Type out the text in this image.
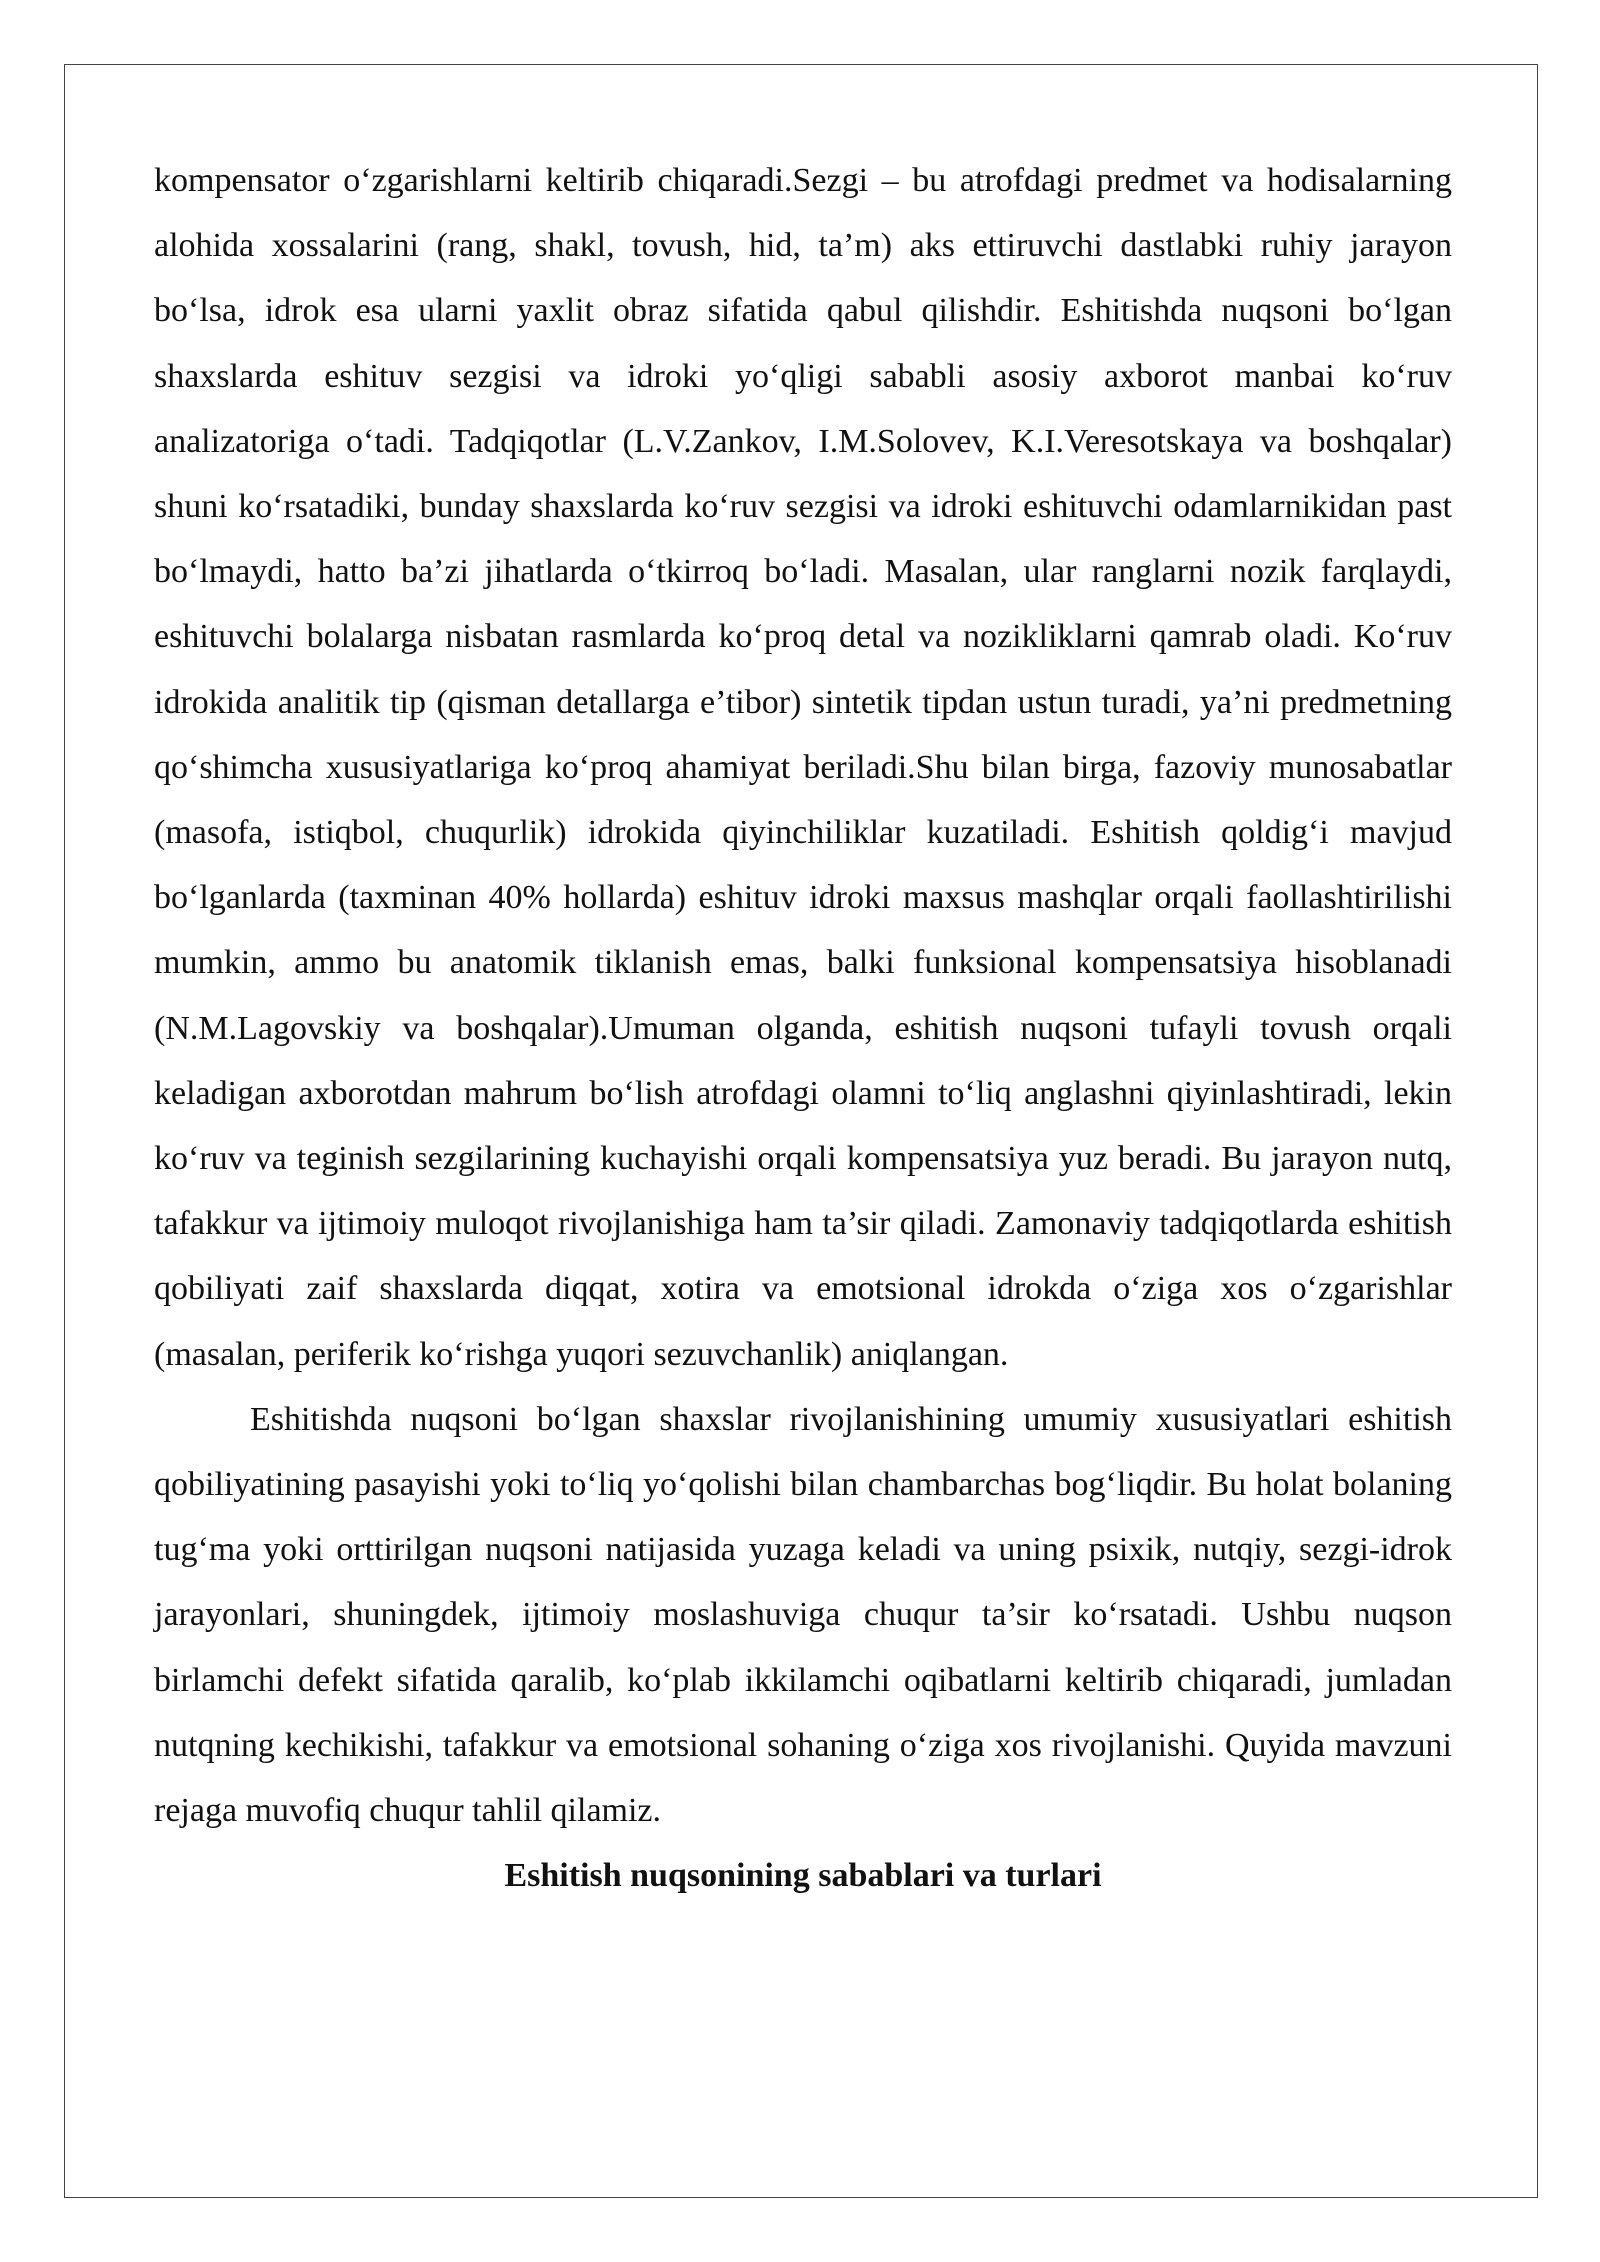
kompensator o‘zgarishlarni keltirib chiqaradi.Sezgi – bu atrofdagi predmet va hodisalarning alohida xossalarini (rang, shakl, tovush, hid, ta’m) aks ettiruvchi dastlabki ruhiy jarayon bo‘lsa, idrok esa ularni yaxlit obraz sifatida qabul qilishdir. Eshitishda nuqsoni bo‘lgan shaxslarda eshituv sezgisi va idroki yo‘qligi sababli asosiy axborot manbai ko‘ruv analizatoriga o‘tadi. Tadqiqotlar (L.V.Zankov, I.M.Solovev, K.I.Veresotskaya va boshqalar) shuni ko‘rsatadiki, bunday shaxslarda ko‘ruv sezgisi va idroki eshituvchi odamlarnikidan past bo‘lmaydi, hatto ba’zi jihatlarda o‘tkirroq bo‘ladi. Masalan, ular ranglarni nozik farqlaydi, eshituvchi bolalarga nisbatan rasmlarda ko‘proq detal va nozikliklarni qamrab oladi. Ko‘ruv idrokida analitik tip (qisman detallarga e’tibor) sintetik tipdan ustun turadi, ya’ni predmetning qo‘shimcha xususiyatlariga ko‘proq ahamiyat beriladi.Shu bilan birga, fazoviy munosabatlar (masofa, istiqbol, chuqurlik) idrokida qiyinchiliklar kuzatiladi. Eshitish qoldig‘i mavjud bo‘lganlarda (taxminan 40% hollarda) eshituv idroki maxsus mashqlar orqali faollashtirilishi mumkin, ammo bu anatomik tiklanish emas, balki funksional kompensatsiya hisoblanadi (N.M.Lagovskiy va boshqalar).Umuman olganda, eshitish nuqsoni tufayli tovush orqali keladigan axborotdan mahrum bo‘lish atrofdagi olamni to‘liq anglashni qiyinlashtiradi, lekin ko‘ruv va teginish sezgilarining kuchayishi orqali kompensatsiya yuz beradi. Bu jarayon nutq, tafakkur va ijtimoiy muloqot rivojlanishiga ham ta’sir qiladi. Zamonaviy tadqiqotlarda eshitish qobiliyati zaif shaxslarda diqqat, xotira va emotsional idrokda o‘ziga xos o‘zgarishlar (masalan, periferik ko‘rishga yuqori sezuvchanlik) aniqlangan.

Eshitishda nuqsoni bo‘lgan shaxslar rivojlanishining umumiy xususiyatlari eshitish qobiliyatining pasayishi yoki to‘liq yo‘qolishi bilan chambarchas bog‘liqdir. Bu holat bolaning tug‘ma yoki orttirilgan nuqsoni natijasida yuzaga keladi va uning psixik, nutqiy, sezgi-idrok jarayonlari, shuningdek, ijtimoiy moslashuviga chuqur ta’sir ko‘rsatadi. Ushbu nuqson birlamchi defekt sifatida qaralib, ko‘plab ikkilamchi oqibatlarni keltirib chiqaradi, jumladan nutqning kechikishi, tafakkur va emotsional sohaning o‘ziga xos rivojlanishi. Quyida mavzuni rejaga muvofiq chuqur tahlil qilamiz.

Eshitish nuqsonining sabablari va turlari
